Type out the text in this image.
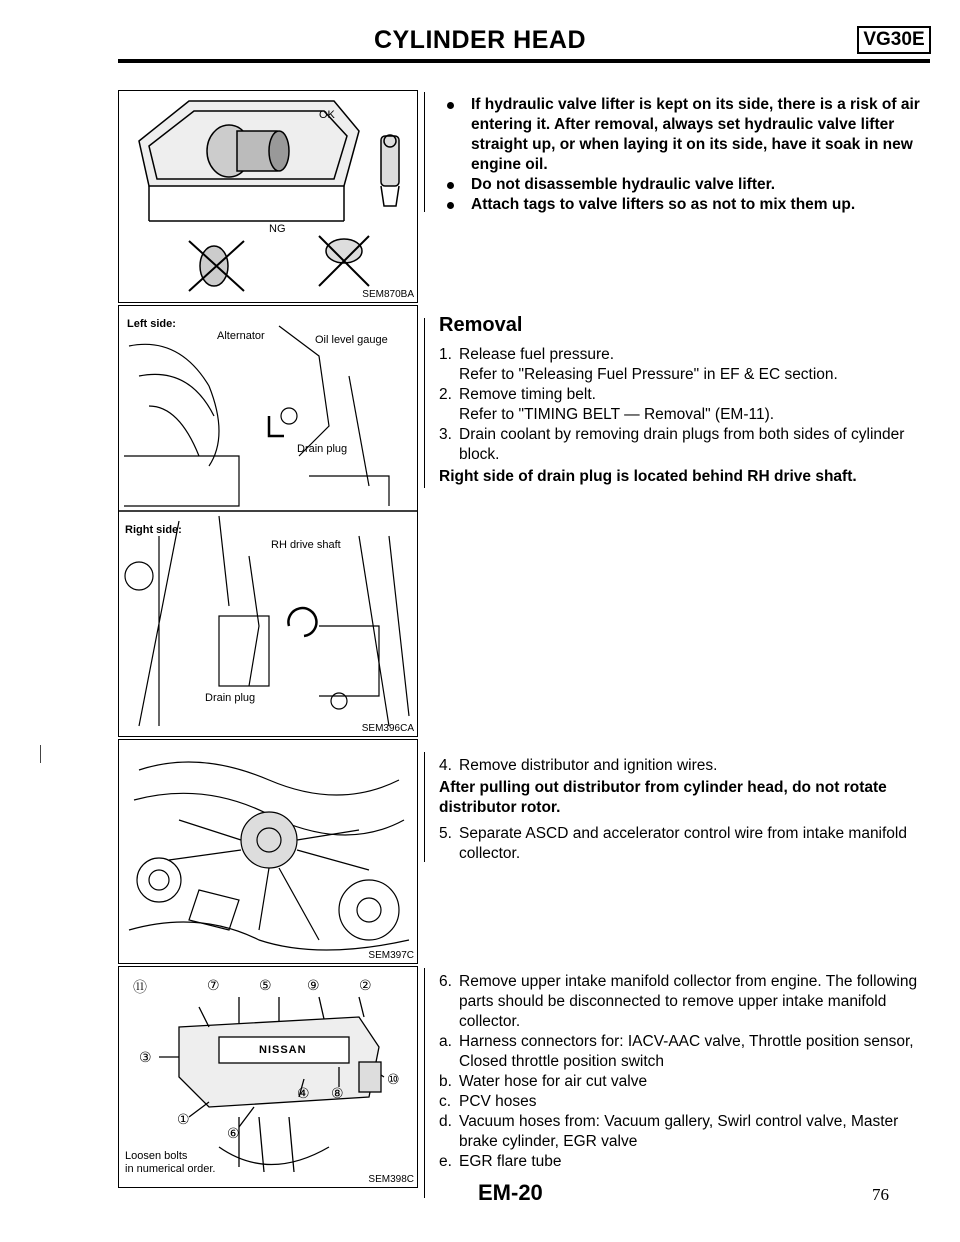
CYLINDER HEAD	VG30E
OK
NG
SEM870BA
Left side:
Alternator	Oil level gauge
Drain plug
Right side:
RH drive shaft
Drain plug
SEM396CA
SEM397C
⑪	⑦	⑤	⑨	②
③
①
⑥
④ ⑧
⑩
NISSAN
Loosen bolts
in numerical order.
SEM398C
If hydraulic valve lifter is kept on its side, there is a risk of air entering it. After removal, always set hydraulic valve lifter straight up, or when laying it on its side, have it soak in new engine oil.
Do not disassemble hydraulic valve lifter.
Attach tags to valve lifters so as not to mix them up.
Removal
1. Release fuel pressure.
Refer to "Releasing Fuel Pressure" in EF & EC section.
2. Remove timing belt.
Refer to "TIMING BELT — Removal" (EM-11).
3. Drain coolant by removing drain plugs from both sides of cylinder block.
Right side of drain plug is located behind RH drive shaft.
4. Remove distributor and ignition wires.
After pulling out distributor from cylinder head, do not rotate distributor rotor.
5. Separate ASCD and accelerator control wire from intake manifold collector.
6. Remove upper intake manifold collector from engine. The following parts should be disconnected to remove upper intake manifold collector.
a. Harness connectors for: IACV-AAC valve, Throttle position sensor, Closed throttle position switch
b. Water hose for air cut valve
c. PCV hoses
d. Vacuum hoses from: Vacuum gallery, Swirl control valve, Master brake cylinder, EGR valve
e. EGR flare tube
EM-20	76
